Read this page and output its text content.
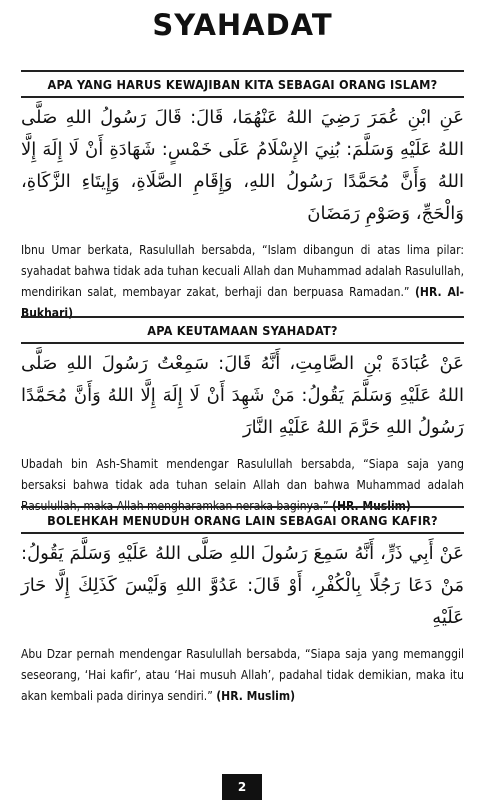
SYAHADAT
APA YANG HARUS KEWAJIBAN KITA SEBAGAI ORANG ISLAM?
عَنِ ابْنِ عُمَرَ رَضِيَ اللهُ عَنْهُمَا، قَالَ: قَالَ رَسُولُ اللهِ صَلَّى اللهُ عَلَيْهِ وَسَلَّمَ: بُنِيَ الإِسْلَامُ عَلَى خَمْسٍ: شَهَادَةِ أَنْ لَا إِلَهَ إِلَّا اللهُ وَأَنَّ مُحَمَّدًا رَسُولُ اللهِ، وَإِقَامِ الصَّلَاةِ، وَإِيتَاءِ الزَّكَاةِ، وَالْحَجِّ، وَصَوْمِ رَمَضَانَ
Ibnu Umar berkata, Rasulullah bersabda, “Islam dibangun di atas lima pilar: syahadat bahwa tidak ada tuhan kecuali Allah dan Muhammad adalah Rasulullah, mendirikan salat, membayar zakat, berhaji dan berpuasa Ramadan.” (HR. Al-Bukhari)
APA KEUTAMAAN SYAHADAT?
عَنْ عُبَادَةَ بْنِ الصَّامِتِ، أَنَّهُ قَالَ: سَمِعْتُ رَسُولَ اللهِ صَلَّى اللهُ عَلَيْهِ وَسَلَّمَ يَقُولُ: مَنْ شَهِدَ أَنْ لَا إِلَهَ إِلَّا اللهُ وَأَنَّ مُحَمَّدًا رَسُولُ اللهِ حَرَّمَ اللهُ عَلَيْهِ النَّارَ
Ubadah bin Ash-Shamit mendengar Rasulullah bersabda, “Siapa saja yang bersaksi bahwa tidak ada tuhan selain Allah dan bahwa Muhammad adalah Rasulullah, maka Allah mengharamkan neraka baginya.” (HR. Muslim)
BOLEHKAH MENUDUH ORANG LAIN SEBAGAI ORANG KAFIR?
عَنْ أَبِي ذَرٍّ، أَنَّهُ سَمِعَ رَسُولَ اللهِ صَلَّى اللهُ عَلَيْهِ وَسَلَّمَ يَقُولُ: مَنْ دَعَا رَجُلًا بِالْكُفْرِ، أَوْ قَالَ: عَدُوَّ اللهِ وَلَيْسَ كَذَلِكَ إِلَّا حَارَ عَلَيْهِ
Abu Dzar pernah mendengar Rasulullah bersabda, “Siapa saja yang memanggil seseorang, ‘Hai kafir’, atau ‘Hai musuh Allah’, padahal tidak demikian, maka itu akan kembali pada dirinya sendiri.” (HR. Muslim)
2
